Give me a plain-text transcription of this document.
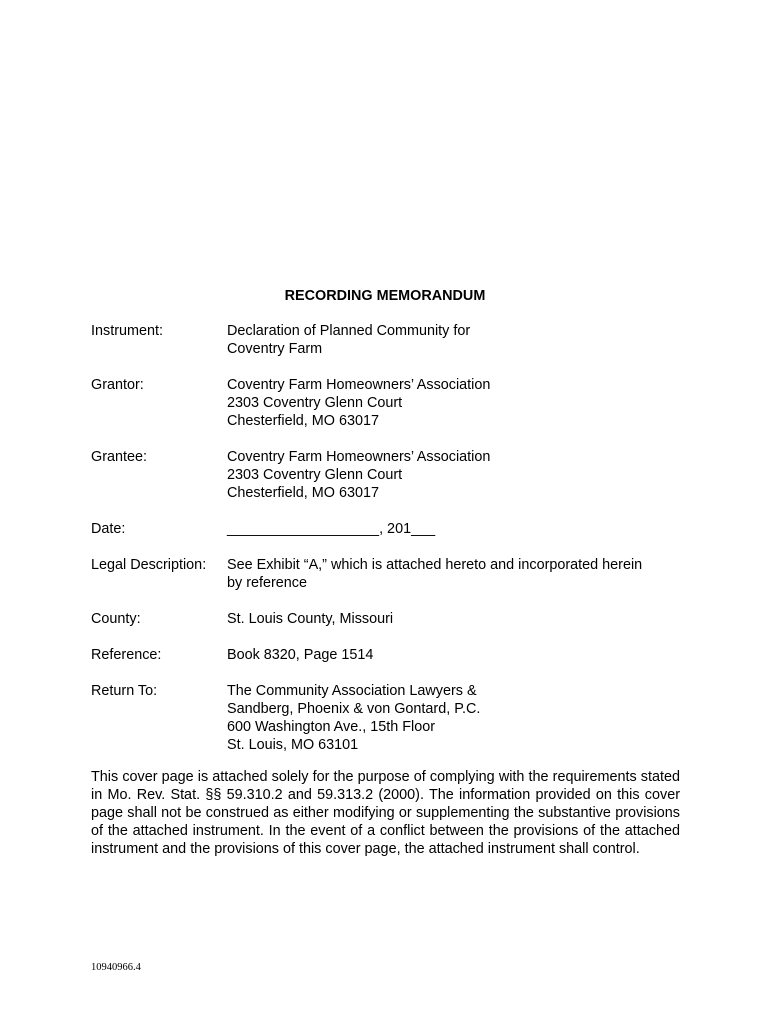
RECORDING MEMORANDUM
Instrument:	Declaration of Planned Community for
Coventry Farm
Grantor:	Coventry Farm Homeowners’ Association
2303 Coventry Glenn Court
Chesterfield, MO 63017
Grantee:	Coventry Farm Homeowners’ Association
2303 Coventry Glenn Court
Chesterfield, MO 63017
Date:	___________________, 201___
Legal Description:	See Exhibit “A,” which is attached hereto and incorporated herein
by reference
County:	St. Louis County, Missouri
Reference:	Book 8320, Page 1514
Return To:	The Community Association Lawyers &
Sandberg, Phoenix & von Gontard, P.C.
600 Washington Ave., 15th Floor
St. Louis, MO 63101

This cover page is attached solely for the purpose of complying with the requirements stated in Mo. Rev. Stat. §§ 59.310.2 and 59.313.2 (2000). The information provided on this cover page shall not be construed as either modifying or supplementing the substantive provisions of the attached instrument. In the event of a conflict between the provisions of the attached instrument and the provisions of this cover page, the attached instrument shall control.

10940966.4
